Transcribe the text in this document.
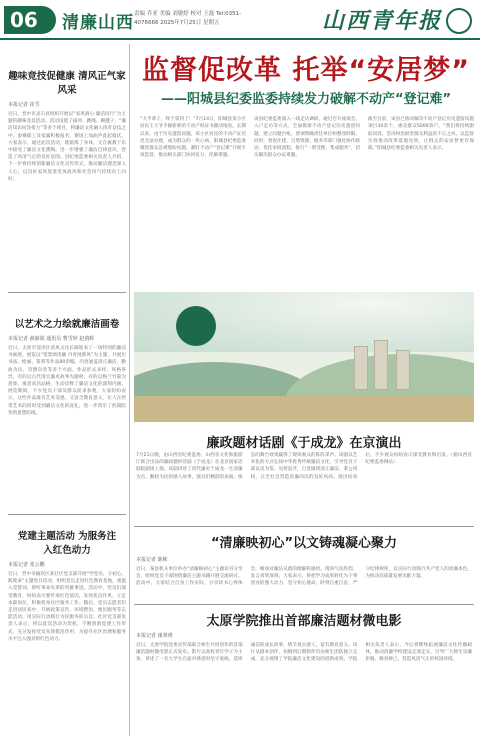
06	清廉山西 责编 乔亚 美编 刘敏婷 校对 王磊 Tel:0351-4076666 2025年7月25日 星期五	山西青年报
趣味竞技促健康 清风正气家风采
本报记者 崔雪
近日，晋中市灵石县组织开展以“家风润心·廉洁同行”为主题的趣味竞技活动。活动设置了拔河、跳绳、踢毽子、“廉洁知识问答接力”等多个项目，将廉洁文化融入体育竞技之中。参赛职工及家属积极报名，赛场上加油声此起彼伏。大家表示，通过此次活动，既锻炼了身体，又在寓教于乐中接受了廉洁文化熏陶，进一步增强了廉洁自律意识，营造了风清气正的良好氛围。县纪委监委相关负责人介绍，下一步将持续创新廉洁文化宣传形式，推动廉洁理念深入人心，以良好家风促进党风政风和社会风气持续向上向好。
以艺术之力绘就廉洁画卷
本报记者 郝丽娟 通讯员 曹雪婷 赵倩晖
近日，太原市迎泽区清风文化长廊迎来了一场特别的廉洁书画展。展览以“笔墨颂清廉 丹青展新风”为主题，共展出书法、绘画、篆刻等作品80余幅，内容涵盖清正廉洁、勤政为民、崇德向善等多个方面。作品形式多样、风格各异，有的以古代清官廉吏故事为题材，有的以梅兰竹菊为意象，寓意高洁品格，生动诠释了廉洁文化的深刻内涵。展览期间，不少党员干部及群众前来参观，大家纷纷表示，这些作品既有艺术美感，又富含教育意义，让人在欣赏艺术的同时受到廉洁文化的洗礼，进一步筑牢了拒腐防变的思想防线。
党建主题活动 为服务注入红色动力
本报记者 张云鹏
近日，晋中市榆次区某社区党支部开展“学党史、守初心、践使命”主题党日活动，组织党员走进红色教育基地，重温入党誓词，聆听革命先辈的英雄事迹。活动中，党员们深受教育，纷纷表示要传承红色基因，发扬优良作风，立足本职岗位，积极投身社区服务工作。随后，党员志愿者们走进居民家中，开展政策宣传、环境整治、便民服务等志愿活动，用实际行动践行为民服务的宗旨。社区党支部负责人表示，将以此次活动为契机，不断创新党建工作形式，充分发挥党员先锋模范作用，为提升社区治理和服务水平注入强劲的红色动力。
监督促改革 托举“安居梦”
——阳城县纪委监委持续发力破解不动产“登记难”
“大半辈子，终于拿到了！”7月14日，阳城县某小区居民王大爷手握崭新的不动产权证书激动地说。长期以来，由于历史遗留问题，该小区居民的不动产证迟迟无法办理，成为群众的一块心病。阳城县纪委监委聚焦群众急难愁盼问题，紧盯不动产“登记难”开展专项监督，推动相关部门协同发力、化解难题。
该县纪委监委深入一线走访调研，通过召开座谈会、入户走访等方式，全面摸排不动产登记历史遗留问题，建立问题台账，逐项明确责任单位和整改时限。同时，督促住建、自然资源、税务等部门强化协作联动，优化审批流程，推行“一窗受理、集成服务”，切实解决群众办证难题。
截至目前，该县已推动解决不动产登记历史遗留问题项目30余个，惠及群众5000余户。“我们将持续跟踪问效，坚决纠治损害群众利益的不正之风，以监督实效推动改革落地见效，让群众的安居梦更有保障。”阳城县纪委监委相关负责人表示。
廉政题材话剧《于成龙》在京演出
7月21日晚，由山西省纪委监委、山西省文化和旅游厅联合出品的廉政题材话剧《于成龙》在北京国家话剧院剧场上演。该剧讲述了清代廉吏于成龙一生清廉为官、勤政为民的感人故事，演员们精湛的表演、恢弘的舞台效果赢得了现场观众的阵阵掌声。该剧以艺术化的方式弘扬中华优秀传统廉洁文化，引导党员干部以史为鉴、见贤思齐，自觉做到清正廉洁、秉公用权，在全社会营造崇廉尚洁的良好风尚。演出结束后，不少观众纷纷表示深受教育和启发。（据山西省纪委监委网站）
“清廉映初心”以文铸魂凝心聚力
本报记者 陈彬
近日，某县机关单位举办“清廉映初心”主题读书分享会，组织党员干部围绕廉洁主题书籍开展交流研讨。活动中，大家结合自身工作实际，分享读书心得体会，畅谈对廉洁从政的理解和感悟。现场气氛热烈，发言真挚深刻。大家表示，将把学习成果转化为干事创业的强大动力，坚守初心使命，时刻自重自省，严守纪律规矩，以实际行动践行共产党人的清廉本色，为推动高质量发展贡献力量。
太原学院推出首部廉洁题材微电影
本报记者 康翠瑛
近日，太原学院党委宣传部联合师生共同创作的首部廉洁题材微电影正式发布。影片以高校青年学子为主角，讲述了一名大学生在面对诱惑时坚守底线、选择诚信的成长故事，情节真实感人，富有教育意义。该片从剧本创作、拍摄到后期制作均由师生团队独立完成，充分展现了学院廉洁文化建设的创新成果。学院相关负责人表示，今后将继续拓展廉洁文化传播载体，推动清廉学校建设走深走实，引导广大师生崇廉拒腐、修身律己，营造风清气正的校园环境。
